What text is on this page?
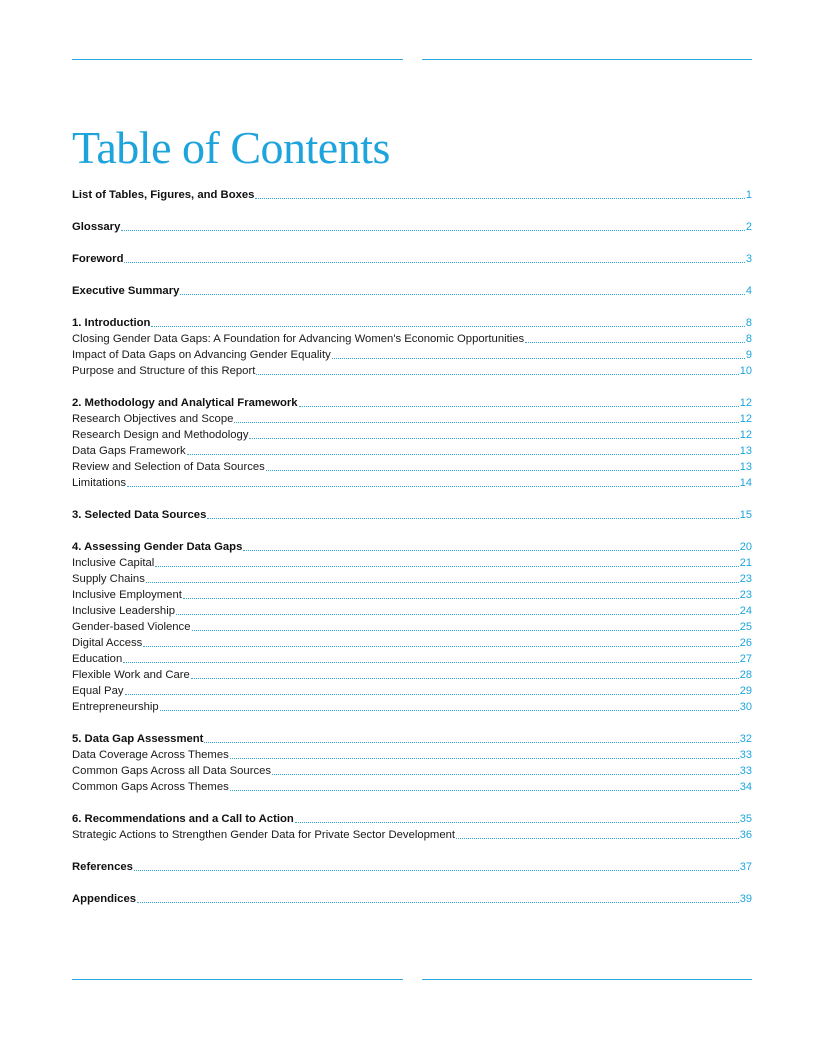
Table of Contents
List of Tables, Figures, and Boxes	1
Glossary	2
Foreword	3
Executive Summary	4
1. Introduction	8
Closing Gender Data Gaps: A Foundation for Advancing Women's Economic Opportunities	8
Impact of Data Gaps on Advancing Gender Equality	9
Purpose and Structure of this Report	10
2. Methodology and Analytical Framework	12
Research Objectives and Scope	12
Research Design and Methodology	12
Data Gaps Framework	13
Review and Selection of Data Sources	13
Limitations	14
3. Selected Data Sources	15
4. Assessing Gender Data Gaps	20
Inclusive Capital	21
Supply Chains	23
Inclusive Employment	23
Inclusive Leadership	24
Gender-based Violence	25
Digital Access	26
Education	27
Flexible Work and Care	28
Equal Pay	29
Entrepreneurship	30
5. Data Gap Assessment	32
Data Coverage Across Themes	33
Common Gaps Across all Data Sources	33
Common Gaps Across Themes	34
6. Recommendations and a Call to Action	35
Strategic Actions to Strengthen Gender Data for Private Sector Development	36
References	37
Appendices	39
